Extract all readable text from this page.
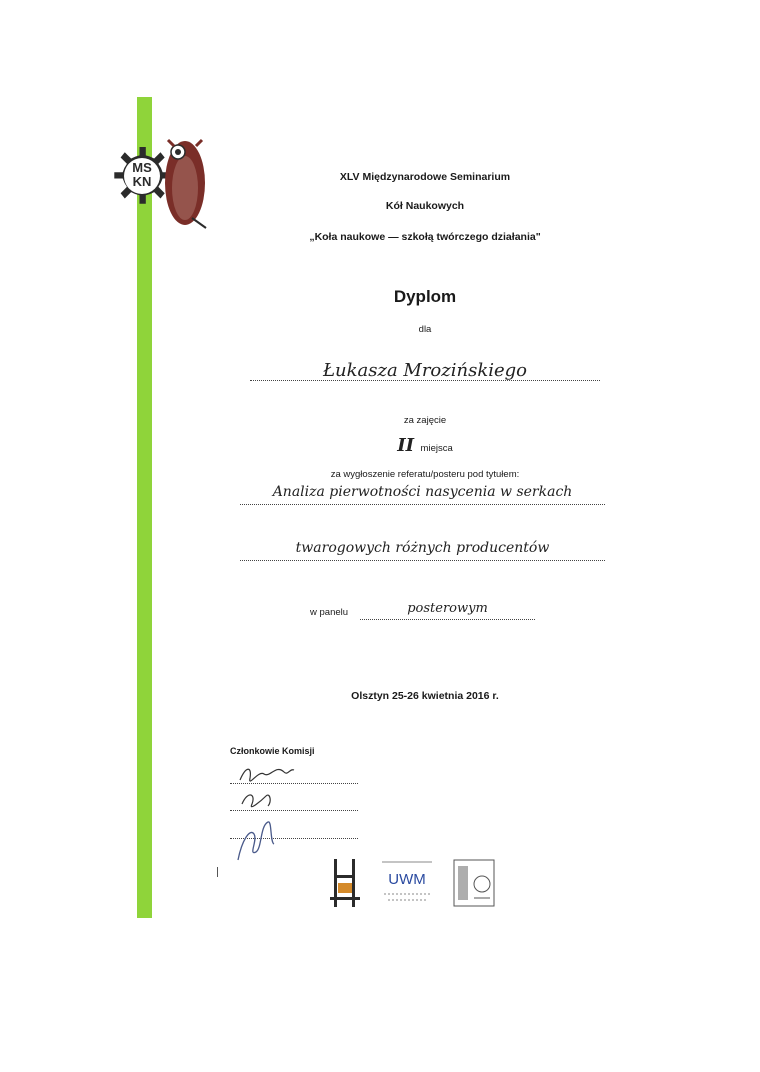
MS
KN	XLV Międzynarodowe Seminarium
Kół Naukowych
„Koła naukowe — szkołą twórczego działania"
Dyplom
dla
Łukasza Mrozińskiego
za zajęcie
II miejsca
za wygłoszenie referatu/posteru pod tytułem:
Analiza pierwotności nasycenia w serkach
twarogowych różnych producentów
w panelu	posterowym
Olsztyn 25-26 kwietnia 2016 r.
Członkowie Komisji
UWM
